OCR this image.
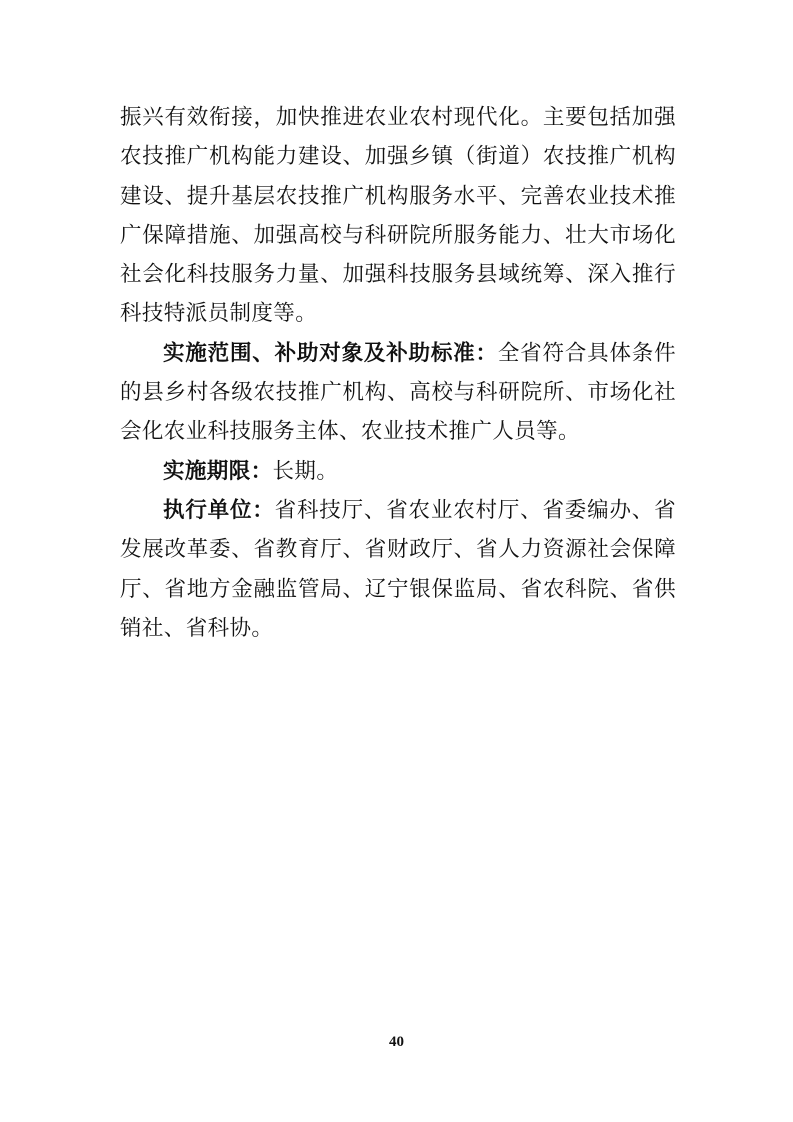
振兴有效衔接，加快推进农业农村现代化。主要包括加强农技推广机构能力建设、加强乡镇（街道）农技推广机构建设、提升基层农技推广机构服务水平、完善农业技术推广保障措施、加强高校与科研院所服务能力、壮大市场化社会化科技服务力量、加强科技服务县域统筹、深入推行科技特派员制度等。

实施范围、补助对象及补助标准：全省符合具体条件的县乡村各级农技推广机构、高校与科研院所、市场化社会化农业科技服务主体、农业技术推广人员等。

实施期限：长期。

执行单位：省科技厅、省农业农村厅、省委编办、省发展改革委、省教育厅、省财政厅、省人力资源社会保障厅、省地方金融监管局、辽宁银保监局、省农科院、省供销社、省科协。

40
